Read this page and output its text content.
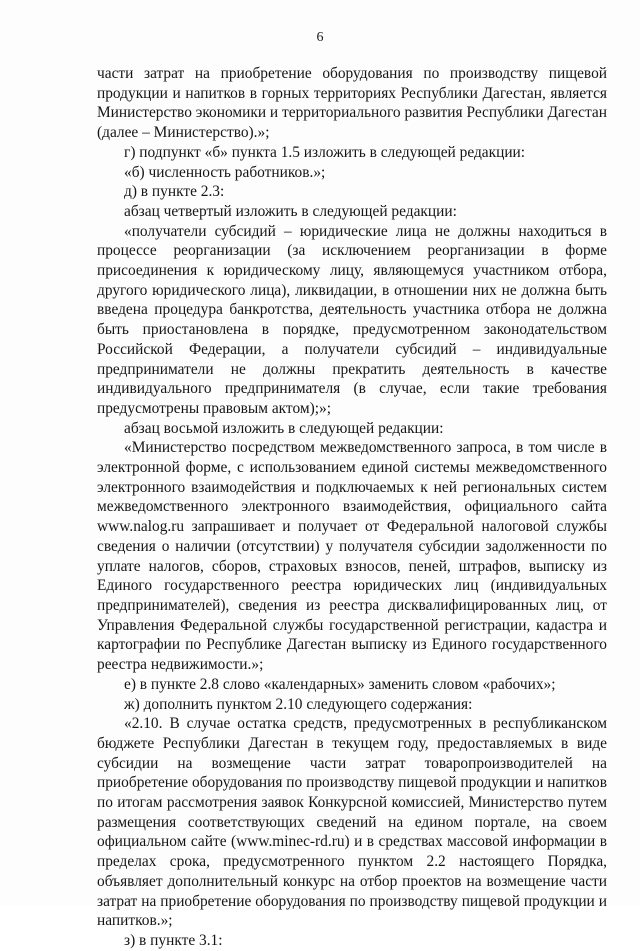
6

части затрат на приобретение оборудования по производству пищевой продукции и напитков в горных территориях Республики Дагестан, является Министерство экономики и территориального развития Республики Дагестан (далее – Министерство).»;

г) подпункт «б» пункта 1.5 изложить в следующей редакции:

«б) численность работников.»;

д) в пункте 2.3:

абзац четвертый изложить в следующей редакции:

«получатели субсидий – юридические лица не должны находиться в процессе реорганизации (за исключением реорганизации в форме присоединения к юридическому лицу, являющемуся участником отбора, другого юридического лица), ликвидации, в отношении них не должна быть введена процедура банкротства, деятельность участника отбора не должна быть приостановлена в порядке, предусмотренном законодательством Российской Федерации, а получатели субсидий – индивидуальные предприниматели не должны прекратить деятельность в качестве индивидуального предпринимателя (в случае, если такие требования предусмотрены правовым актом);»;

абзац восьмой изложить в следующей редакции:

«Министерство посредством межведомственного запроса, в том числе в электронной форме, с использованием единой системы межведомственного электронного взаимодействия и подключаемых к ней региональных систем межведомственного электронного взаимодействия, официального сайта www.nalog.ru запрашивает и получает от Федеральной налоговой службы сведения о наличии (отсутствии) у получателя субсидии задолженности по уплате налогов, сборов, страховых взносов, пеней, штрафов, выписку из Единого государственного реестра юридических лиц (индивидуальных предпринимателей), сведения из реестра дисквалифицированных лиц, от Управления Федеральной службы государственной регистрации, кадастра и картографии по Республике Дагестан выписку из Единого государственного реестра недвижимости.»;

е) в пункте 2.8 слово «календарных» заменить словом «рабочих»;

ж) дополнить пунктом 2.10 следующего содержания:

«2.10. В случае остатка средств, предусмотренных в республиканском бюджете Республики Дагестан в текущем году, предоставляемых в виде субсидии на возмещение части затрат товаропроизводителей на приобретение оборудования по производству пищевой продукции и напитков по итогам рассмотрения заявок Конкурсной комиссией, Министерство путем размещения соответствующих сведений на едином портале, на своем официальном сайте (www.minec-rd.ru) и в средствах массовой информации в пределах срока, предусмотренного пунктом 2.2 настоящего Порядка, объявляет дополнительный конкурс на отбор проектов на возмещение части затрат на приобретение оборудования по производству пищевой продукции и напитков.»;

з) в пункте 3.1:
